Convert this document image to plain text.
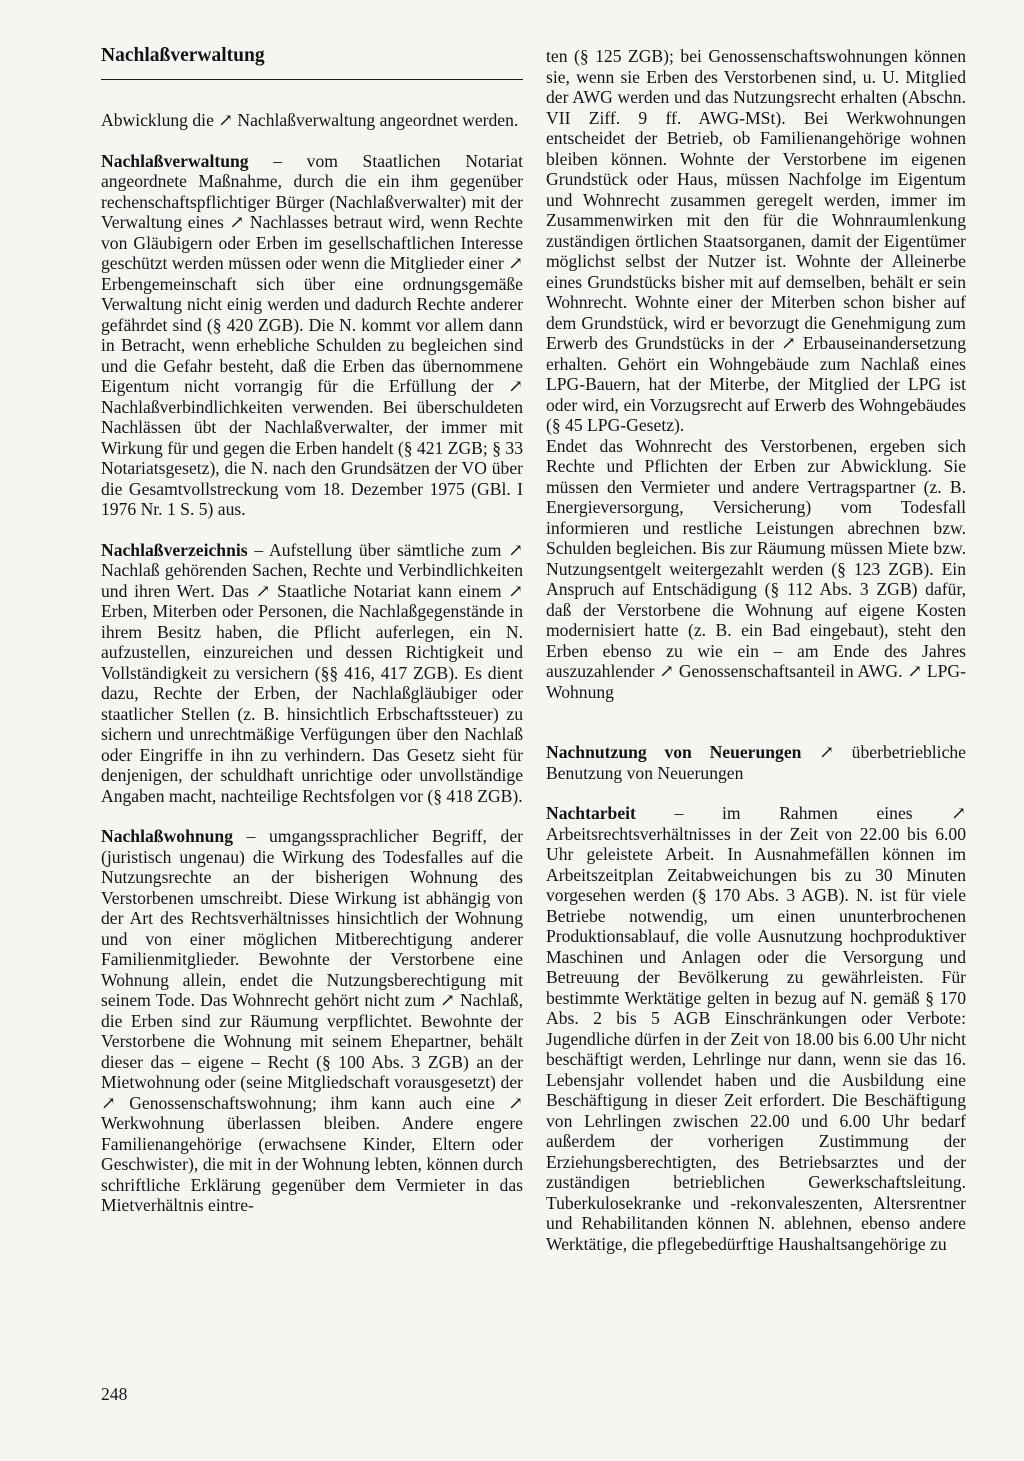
Nachlaßverwaltung

Abwicklung die ↗ Nachlaßverwaltung angeordnet werden.

Nachlaßverwaltung – vom Staatlichen Notariat angeordnete Maßnahme, durch die ein ihm gegenüber rechenschaftspflichtiger Bürger (Nachlaßverwalter) mit der Verwaltung eines ↗ Nachlasses betraut wird, wenn Rechte von Gläubigern oder Erben im gesellschaftlichen Interesse geschützt werden müssen oder wenn die Mitglieder einer ↗ Erbengemeinschaft sich über eine ordnungsgemäße Verwaltung nicht einig werden und dadurch Rechte anderer gefährdet sind (§ 420 ZGB). Die N. kommt vor allem dann in Betracht, wenn erhebliche Schulden zu begleichen sind und die Gefahr besteht, daß die Erben das übernommene Eigentum nicht vorrangig für die Erfüllung der ↗ Nachlaßverbindlichkeiten verwenden. Bei überschuldeten Nachlässen übt der Nachlaßverwalter, der immer mit Wirkung für und gegen die Erben handelt (§ 421 ZGB; § 33 Notariatsgesetz), die N. nach den Grundsätzen der VO über die Gesamtvollstreckung vom 18. Dezember 1975 (GBl. I 1976 Nr. 1 S. 5) aus.

Nachlaßverzeichnis – Aufstellung über sämtliche zum ↗ Nachlaß gehörenden Sachen, Rechte und Verbindlichkeiten und ihren Wert. Das ↗ Staatliche Notariat kann einem ↗ Erben, Miterben oder Personen, die Nachlaßgegenstände in ihrem Besitz haben, die Pflicht auferlegen, ein N. aufzustellen, einzureichen und dessen Richtigkeit und Vollständigkeit zu versichern (§§ 416, 417 ZGB). Es dient dazu, Rechte der Erben, der Nachlaßgläubiger oder staatlicher Stellen (z. B. hinsichtlich Erbschaftssteuer) zu sichern und unrechtmäßige Verfügungen über den Nachlaß oder Eingriffe in ihn zu verhindern. Das Gesetz sieht für denjenigen, der schuldhaft unrichtige oder unvollständige Angaben macht, nachteilige Rechtsfolgen vor (§ 418 ZGB).

Nachlaßwohnung – umgangssprachlicher Begriff, der (juristisch ungenau) die Wirkung des Todesfalles auf die Nutzungsrechte an der bisherigen Wohnung des Verstorbenen umschreibt. Diese Wirkung ist abhängig von der Art des Rechtsverhältnisses hinsichtlich der Wohnung und von einer möglichen Mitberechtigung anderer Familienmitglieder. Bewohnte der Verstorbene eine Wohnung allein, endet die Nutzungsberechtigung mit seinem Tode. Das Wohnrecht gehört nicht zum ↗ Nachlaß, die Erben sind zur Räumung verpflichtet. Bewohnte der Verstorbene die Wohnung mit seinem Ehepartner, behält dieser das – eigene – Recht (§ 100 Abs. 3 ZGB) an der Mietwohnung oder (seine Mitgliedschaft vorausgesetzt) der ↗ Genossenschaftswohnung; ihm kann auch eine ↗ Werkwohnung überlassen bleiben. Andere engere Familienangehörige (erwachsene Kinder, Eltern oder Geschwister), die mit in der Wohnung lebten, können durch schriftliche Erklärung gegenüber dem Vermieter in das Mietverhältnis eintre-

ten (§ 125 ZGB); bei Genossenschaftswohnungen können sie, wenn sie Erben des Verstorbenen sind, u. U. Mitglied der AWG werden und das Nutzungsrecht erhalten (Abschn. VII Ziff. 9 ff. AWG-MSt). Bei Werkwohnungen entscheidet der Betrieb, ob Familienangehörige wohnen bleiben können. Wohnte der Verstorbene im eigenen Grundstück oder Haus, müssen Nachfolge im Eigentum und Wohnrecht zusammen geregelt werden, immer im Zusammenwirken mit den für die Wohnraumlenkung zuständigen örtlichen Staatsorganen, damit der Eigentümer möglichst selbst der Nutzer ist. Wohnte der Alleinerbe eines Grundstücks bisher mit auf demselben, behält er sein Wohnrecht. Wohnte einer der Miterben schon bisher auf dem Grundstück, wird er bevorzugt die Genehmigung zum Erwerb des Grundstücks in der ↗ Erbauseinandersetzung erhalten. Gehört ein Wohngebäude zum Nachlaß eines LPG-Bauern, hat der Miterbe, der Mitglied der LPG ist oder wird, ein Vorzugsrecht auf Erwerb des Wohngebäudes (§ 45 LPG-Gesetz).

Endet das Wohnrecht des Verstorbenen, ergeben sich Rechte und Pflichten der Erben zur Abwicklung. Sie müssen den Vermieter und andere Vertragspartner (z. B. Energieversorgung, Versicherung) vom Todesfall informieren und restliche Leistungen abrechnen bzw. Schulden begleichen. Bis zur Räumung müssen Miete bzw. Nutzungsentgelt weitergezahlt werden (§ 123 ZGB). Ein Anspruch auf Entschädigung (§ 112 Abs. 3 ZGB) dafür, daß der Verstorbene die Wohnung auf eigene Kosten modernisiert hatte (z. B. ein Bad eingebaut), steht den Erben ebenso zu wie ein – am Ende des Jahres auszuzahlender ↗ Genossenschaftsanteil in AWG. ↗ LPG-Wohnung

Nachnutzung von Neuerungen ↗ überbetriebliche Benutzung von Neuerungen

Nachtarbeit – im Rahmen eines ↗ Arbeitsrechtsverhältnisses in der Zeit von 22.00 bis 6.00 Uhr geleistete Arbeit. In Ausnahmefällen können im Arbeitszeitplan Zeitabweichungen bis zu 30 Minuten vorgesehen werden (§ 170 Abs. 3 AGB). N. ist für viele Betriebe notwendig, um einen ununterbrochenen Produktionsablauf, die volle Ausnutzung hochproduktiver Maschinen und Anlagen oder die Versorgung und Betreuung der Bevölkerung zu gewährleisten. Für bestimmte Werktätige gelten in bezug auf N. gemäß § 170 Abs. 2 bis 5 AGB Einschränkungen oder Verbote: Jugendliche dürfen in der Zeit von 18.00 bis 6.00 Uhr nicht beschäftigt werden, Lehrlinge nur dann, wenn sie das 16. Lebensjahr vollendet haben und die Ausbildung eine Beschäftigung in dieser Zeit erfordert. Die Beschäftigung von Lehrlingen zwischen 22.00 und 6.00 Uhr bedarf außerdem der vorherigen Zustimmung der Erziehungsberechtigten, des Betriebsarztes und der zuständigen betrieblichen Gewerkschaftsleitung. Tuberkulosekranke und -rekonvaleszenten, Altersrentner und Rehabilitanden können N. ablehnen, ebenso andere Werktätige, die pflegebedürftige Haushaltsangehörige zu

248
